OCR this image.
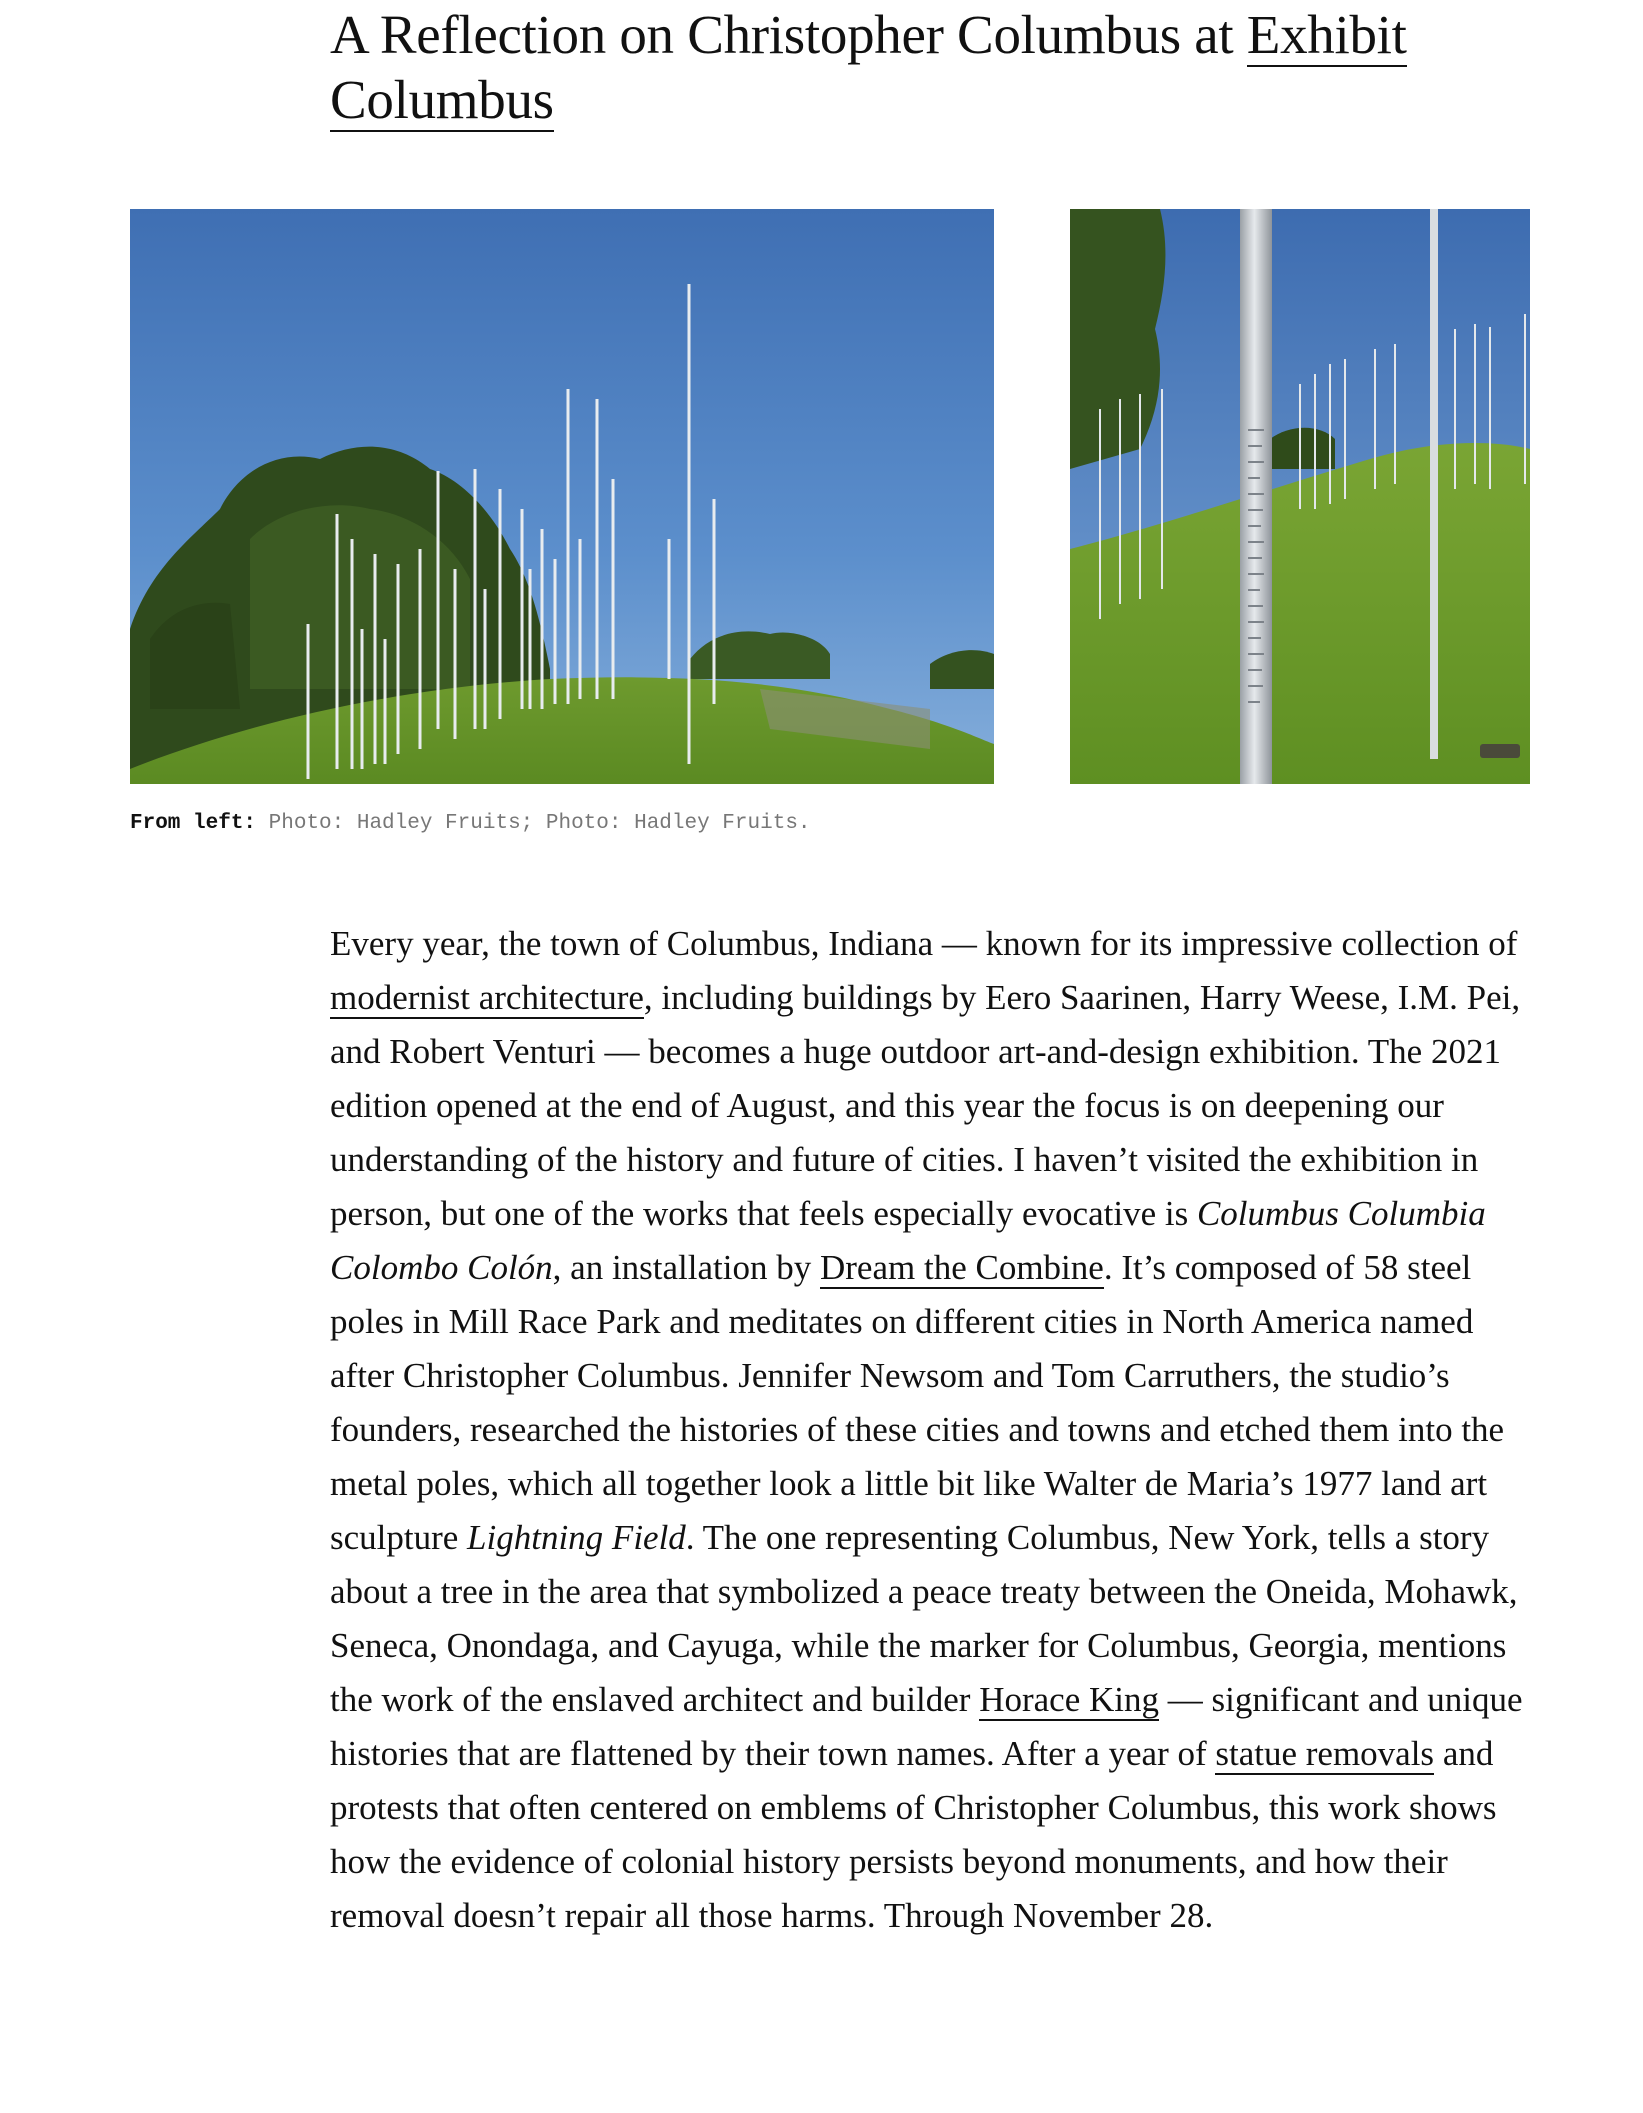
A Reflection on Christopher Columbus at Exhibit Columbus
From left: Photo: Hadley Fruits; Photo: Hadley Fruits.

Every year, the town of Columbus, Indiana — known for its impressive collection of modernist architecture, including buildings by Eero Saarinen, Harry Weese, I.M. Pei, and Robert Venturi — becomes a huge outdoor art-and-design exhibition. The 2021 edition opened at the end of August, and this year the focus is on deepening our understanding of the history and future of cities. I haven’t visited the exhibition in person, but one of the works that feels especially evocative is Columbus Columbia Colombo Colón, an installation by Dream the Combine. It’s composed of 58 steel poles in Mill Race Park and meditates on different cities in North America named after Christopher Columbus. Jennifer Newsom and Tom Carruthers, the studio’s founders, researched the histories of these cities and towns and etched them into the metal poles, which all together look a little bit like Walter de Maria’s 1977 land art sculpture Lightning Field. The one representing Columbus, New York, tells a story about a tree in the area that symbolized a peace treaty between the Oneida, Mohawk, Seneca, Onondaga, and Cayuga, while the marker for Columbus, Georgia, mentions the work of the enslaved architect and builder Horace King — significant and unique histories that are flattened by their town names. After a year of statue removals and protests that often centered on emblems of Christopher Columbus, this work shows how the evidence of colonial history persists beyond monuments, and how their removal doesn’t repair all those harms. Through November 28.
